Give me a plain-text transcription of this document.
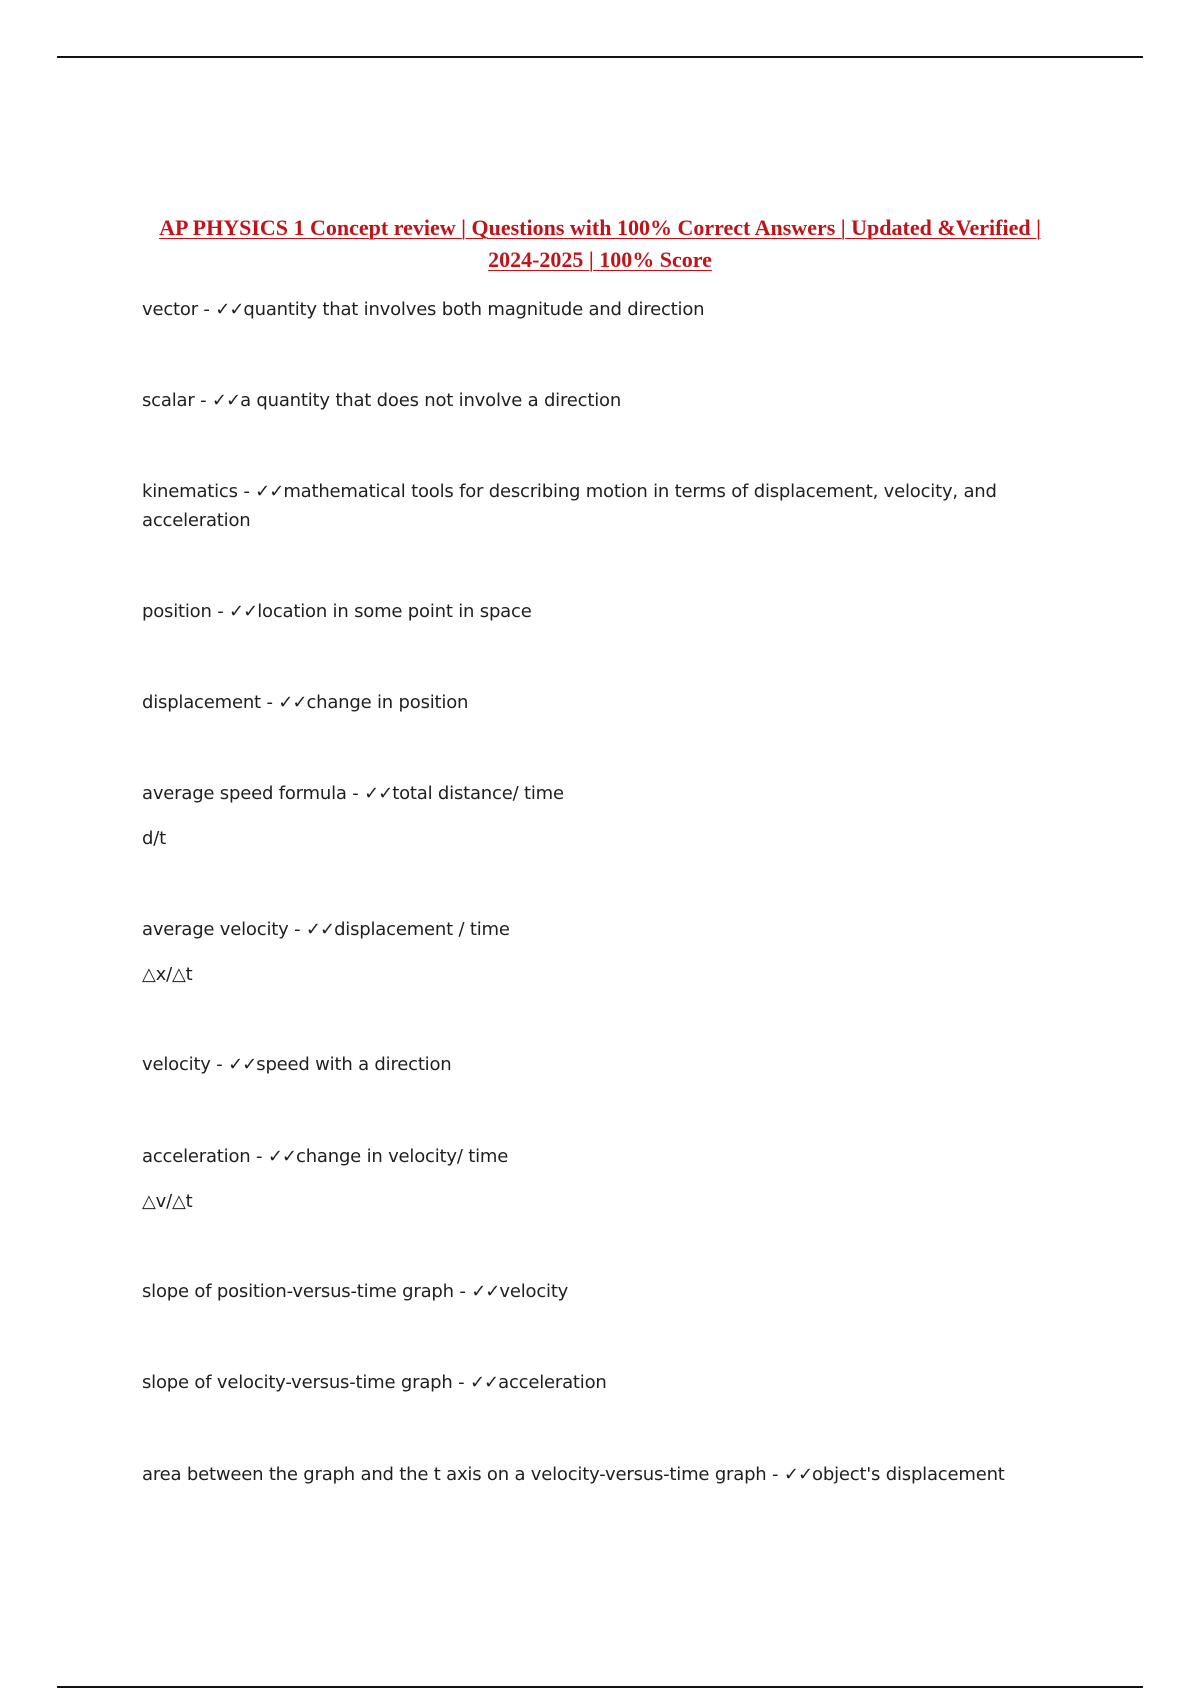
AP PHYSICS 1 Concept review | Questions with 100% Correct Answers | Updated &Verified | 2024-2025 | 100% Score
vector - ✓✓quantity that involves both magnitude and direction
scalar - ✓✓a quantity that does not involve a direction
kinematics - ✓✓mathematical tools for describing motion in terms of displacement, velocity, and
acceleration
position - ✓✓location in some point in space
displacement - ✓✓change in position
average speed formula - ✓✓total distance/ time
d/t
average velocity - ✓✓displacement / time
△x/△t
velocity - ✓✓speed with a direction
acceleration - ✓✓change in velocity/ time
△v/△t
slope of position-versus-time graph - ✓✓velocity
slope of velocity-versus-time graph - ✓✓acceleration
area between the graph and the t axis on a velocity-versus-time graph - ✓✓object's displacement
